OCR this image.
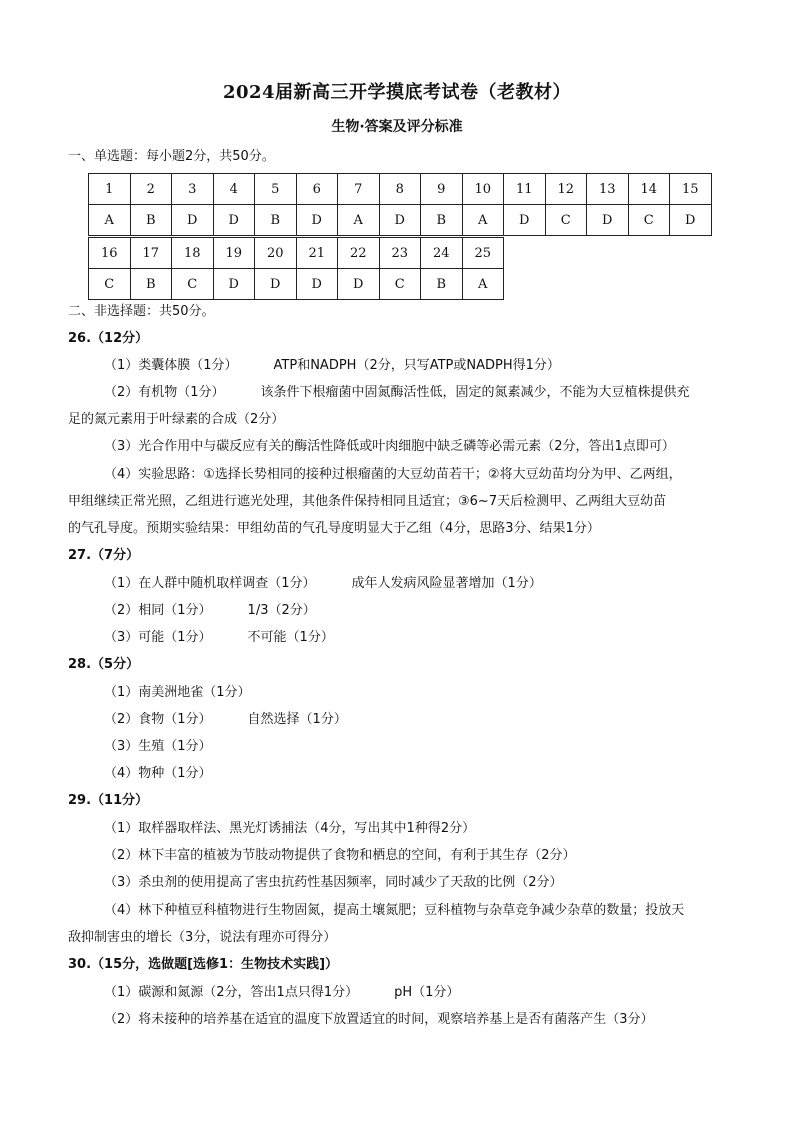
2024届新高三开学摸底考试卷（老教材）
生物·答案及评分标准
一、单选题：每小题2分，共50分。
1	2	3	4	5	6	7	8	9	10	11	12	13	14	15
A	B	D	D	B	D	A	D	B	A	D	C	D	C	D
16	17	18	19	20	21	22	23	24	25
C	B	C	D	D	D	D	C	B	A
二、非选择题：共50分。
26.（12分）
（1）类囊体膜（1分）	ATP和NADPH（2分，只写ATP或NADPH得1分）
（2）有机物（1分）	该条件下根瘤菌中固氮酶活性低，固定的氮素减少，不能为大豆植株提供充
足的氮元素用于叶绿素的合成（2分）
（3）光合作用中与碳反应有关的酶活性降低或叶肉细胞中缺乏磷等必需元素（2分，答出1点即可）
（4）实验思路：①选择长势相同的接种过根瘤菌的大豆幼苗若干；②将大豆幼苗均分为甲、乙两组，
甲组继续正常光照，乙组进行遮光处理，其他条件保持相同且适宜；③6~7天后检测甲、乙两组大豆幼苗
的气孔导度。预期实验结果：甲组幼苗的气孔导度明显大于乙组（4分，思路3分、结果1分）
27.（7分）
（1）在人群中随机取样调查（1分）	成年人发病风险显著增加（1分）
（2）相同（1分）	1/3（2分）
（3）可能（1分）	不可能（1分）
28.（5分）
（1）南美洲地雀（1分）
（2）食物（1分）	自然选择（1分）
（3）生殖（1分）
（4）物种（1分）
29.（11分）
（1）取样器取样法、黑光灯诱捕法（4分，写出其中1种得2分）
（2）林下丰富的植被为节肢动物提供了食物和栖息的空间，有利于其生存（2分）
（3）杀虫剂的使用提高了害虫抗药性基因频率，同时减少了天敌的比例（2分）
（4）林下种植豆科植物进行生物固氮，提高土壤氮肥；豆科植物与杂草竞争减少杂草的数量；投放天
敌抑制害虫的增长（3分，说法有理亦可得分）
30.（15分，选做题[选修1：生物技术实践]）
（1）碳源和氮源（2分，答出1点只得1分）	pH（1分）
（2）将未接种的培养基在适宜的温度下放置适宜的时间，观察培养基上是否有菌落产生（3分）
